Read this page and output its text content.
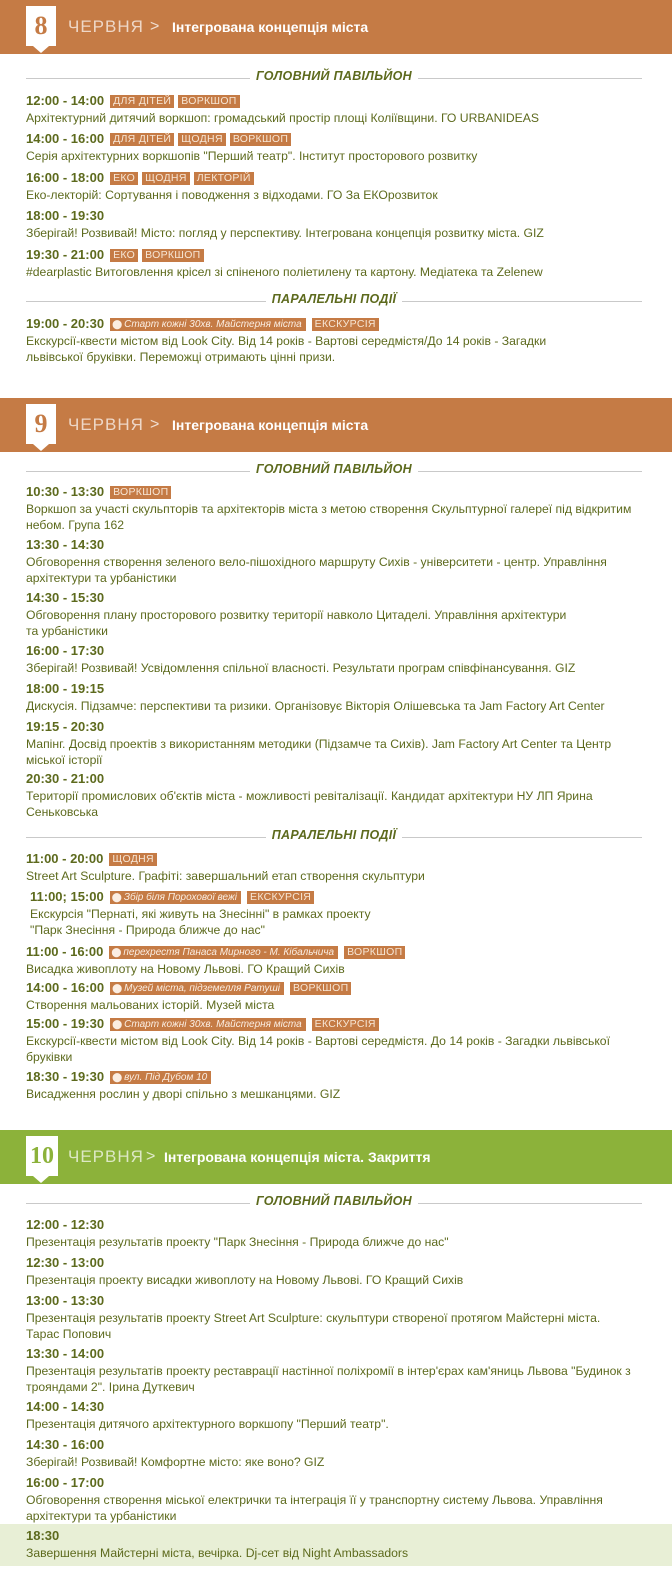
8	ЧЕРВНЯ > Інтегрована концепція міста
ГОЛОВНИЙ ПАВІЛЬЙОН
12:00 - 14:00 ДЛЯ ДІТЕЙ ВОРКШОП
Архітектурний дитячий воркшоп: громадський простір площі Коліївщини. ГО URBANIDEAS
14:00 - 16:00 ДЛЯ ДІТЕЙ ЩОДНЯ ВОРКШОП
Серія архітектурних воркшопів "Перший театр". Інститут просторового розвитку
16:00 - 18:00 ЕКО ЩОДНЯ ЛЕКТОРІЙ
Еко-лекторій: Сортування і поводження з відходами. ГО За ЕКОрозвиток
18:00 - 19:30
Зберігай! Розвивай! Місто: погляд у перспективу. Інтегрована концепція розвитку міста. GIZ
19:30 - 21:00 ЕКО ВОРКШОП
#dearplastic Витоговлення крісел зі спіненого поліетилену та картону. Медіатека та Zelenew
ПАРАЛЕЛЬНІ ПОДІЇ
19:00 - 20:30 ⬤ Старт кожні 30хв. Майстерня міста ЕКСКУРСІЯ
Екскурсії-квести містом від Look City. Від 14 років - Вартові середмістя/До 14 років - Загадки
львівської бруківки. Переможці отримають цінні призи.
9	ЧЕРВНЯ > Інтегрована концепція міста
ГОЛОВНИЙ ПАВІЛЬЙОН
10:30 - 13:30 ВОРКШОП
Воркшоп за участі скульпторів та архітекторів міста з метою створення Скульптурної галереї під відкритим
небом. Група 162
13:30 - 14:30
Обговорення створення зеленого вело-пішохідного маршруту Сихів - університети - центр. Управління
архітектури та урбаністики
14:30 - 15:30
Обговорення плану просторового розвитку території навколо Цитаделі. Управління архітектури
та урбаністики
16:00 - 17:30
Зберігай! Розвивай! Усвідомлення спільної власності. Результати програм співфінансування. GIZ
18:00 - 19:15
Дискусія. Підзамче: перспективи та ризики. Організовує Вікторія Олішевська та Jam Factory Art Center
19:15 - 20:30
Мапінг. Досвід проектів з використанням методики (Підзамче та Сихів). Jam Factory Art Center та Центр
міської історії
20:30 - 21:00
Території промислових об'єктів міста - можливості ревіталізації. Кандидат архітектури НУ ЛП Ярина
Сеньковська
ПАРАЛЕЛЬНІ ПОДІЇ
11:00 - 20:00 ЩОДНЯ
Street Art Sculpture. Графіті: завершальний етап створення скульптури
11:00; 15:00 ⬤ Збір біля Порохової вежі ЕКСКУРСІЯ
Екскурсія "Пернаті, які живуть на Знесінні" в рамках проекту
"Парк Знесіння - Природа ближче до нас"
11:00 - 16:00 ⬤ перехрестя Панаса Мирного - М. Кібальчича ВОРКШОП
Висадка живоплоту на Новому Львові. ГО Кращий Сихів
14:00 - 16:00 ⬤ Музей міста, підземелля Ратуші ВОРКШОП
Створення мальованих історій. Музей міста
15:00 - 19:30 ⬤ Старт кожні 30хв. Майстерня міста ЕКСКУРСІЯ
Екскурсії-квести містом від Look City. Від 14 років - Вартові середмістя. До 14 років - Загадки львівської
бруківки
18:30 - 19:30 ⬤ вул. Під Дубом 10
Висадження рослин у дворі спільно з мешканцями. GIZ
10 ЧЕРВНЯ > Інтегрована концепція міста. Закриття
ГОЛОВНИЙ ПАВІЛЬЙОН
12:00 - 12:30
Презентація результатів проекту "Парк Знесіння - Природа ближче до нас"
12:30 - 13:00
Презентація проекту висадки живоплоту на Новому Львові. ГО Кращий Сихів
13:00 - 13:30
Презентація результатів проекту Street Art Sculpture: скульптури створеної протягом Майстерні міста.
Тарас Попович
13:30 - 14:00
Презентація результатів проекту реставрації настінної поліхромії в інтер'єрах кам'яниць Львова "Будинок з
трояндами 2". Ірина Дуткевич
14:00 - 14:30
Презентація дитячого архітектурного воркшопу "Перший театр".
14:30 - 16:00
Зберігай! Розвивай! Комфортне місто: яке воно? GIZ
16:00 - 17:00
Обговорення створення міської електрички та інтеграція її у транспортну систему Львова. Управління
архітектури та урбаністики
18:30
Завершення Майстерні міста, вечірка. Dj-сет від Night Ambassadors
